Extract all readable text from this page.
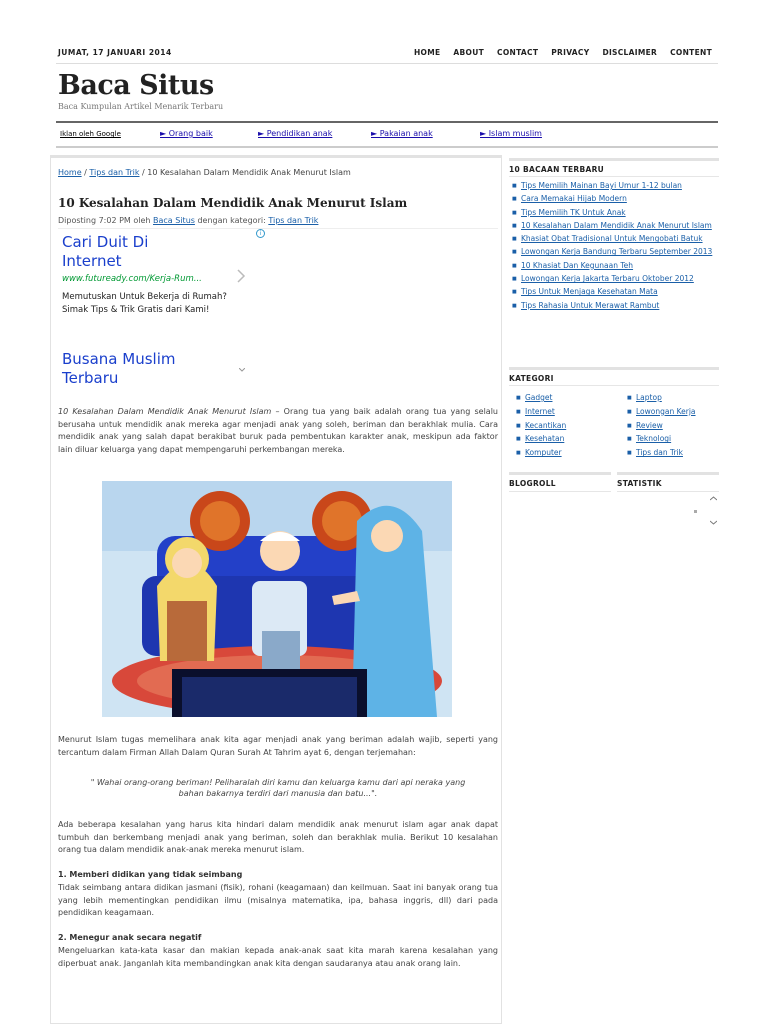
JUMAT, 17 JANUARI 2014	HOME ABOUT CONTACT PRIVACY DISCLAIMER CONTENT
Baca Situs
Baca Kumpulan Artikel Menarik Terbaru
Iklan oleh Google	► Orang baik	► Pendidikan anak	► Pakaian anak	► Islam muslim
Home / Tips dan Trik / 10 Kesalahan Dalam Mendidik Anak Menurut Islam
10 Kesalahan Dalam Mendidik Anak Menurut Islam
Diposting 7:02 PM oleh Baca Situs dengan kategori: Tips dan Trik
i
Cari Duit Di Internet
www.futuready.com/Kerja-Rum...
Memutuskan Untuk Bekerja di Rumah? Simak Tips & Trik Gratis dari Kami!
Busana Muslim Terbaru

10 Kesalahan Dalam Mendidik Anak Menurut Islam – Orang tua yang baik adalah orang tua yang selalu berusaha untuk mendidik anak mereka agar menjadi anak yang soleh, beriman dan berakhlak mulia. Cara mendidik anak yang salah dapat berakibat buruk pada pembentukan karakter anak, meskipun ada faktor lain diluar keluarga yang dapat mempengaruhi perkembangan mereka.

Menurut Islam tugas memelihara anak kita agar menjadi anak yang beriman adalah wajib, seperti yang tercantum dalam Firman Allah Dalam Quran Surah At Tahrim ayat 6, dengan terjemahan:

" Wahai orang-orang beriman! Peliharalah diri kamu dan keluarga kamu dari api neraka yang
bahan bakarnya terdiri dari manusia dan batu...".

Ada beberapa kesalahan yang harus kita hindari dalam mendidik anak menurut islam agar anak dapat tumbuh dan berkembang menjadi anak yang beriman, soleh dan berakhlak mulia. Berikut 10 kesalahan orang tua dalam mendidik anak-anak mereka menurut islam.

1. Memberi didikan yang tidak seimbang

Tidak seimbang antara didikan jasmani (fisik), rohani (keagamaan) dan keilmuan. Saat ini banyak orang tua yang lebih mementingkan pendidikan ilmu (misalnya matematika, ipa, bahasa inggris, dll) dari pada pendidikan keagamaan.

2. Menegur anak secara negatif

Mengeluarkan kata-kata kasar dan makian kepada anak-anak saat kita marah karena kesalahan yang diperbuat anak. Janganlah kita membandingkan anak kita dengan saudaranya atau anak orang lain.

10 BACAAN TERBARU
■ Tips Memilih Mainan Bayi Umur 1-12 bulan
■ Cara Memakai Hijab Modern
■ Tips Memilih TK Untuk Anak
■ 10 Kesalahan Dalam Mendidik Anak Menurut Islam
■ Khasiat Obat Tradisional Untuk Mengobati Batuk
■ Lowongan Kerja Bandung Terbaru September 2013
■ 10 Khasiat Dan Kegunaan Teh
■ Lowongan Kerja Jakarta Terbaru Oktober 2012
■ Tips Untuk Menjaga Kesehatan Mata
■ Tips Rahasia Untuk Merawat Rambut
KATEGORI
■ Gadget
■ Internet
■ Kecantikan
■ Kesehatan
■ Komputer
■ Laptop
■ Lowongan Kerja
■ Review
■ Teknologi
■ Tips dan Trik
BLOGROLL	STATISTIK
